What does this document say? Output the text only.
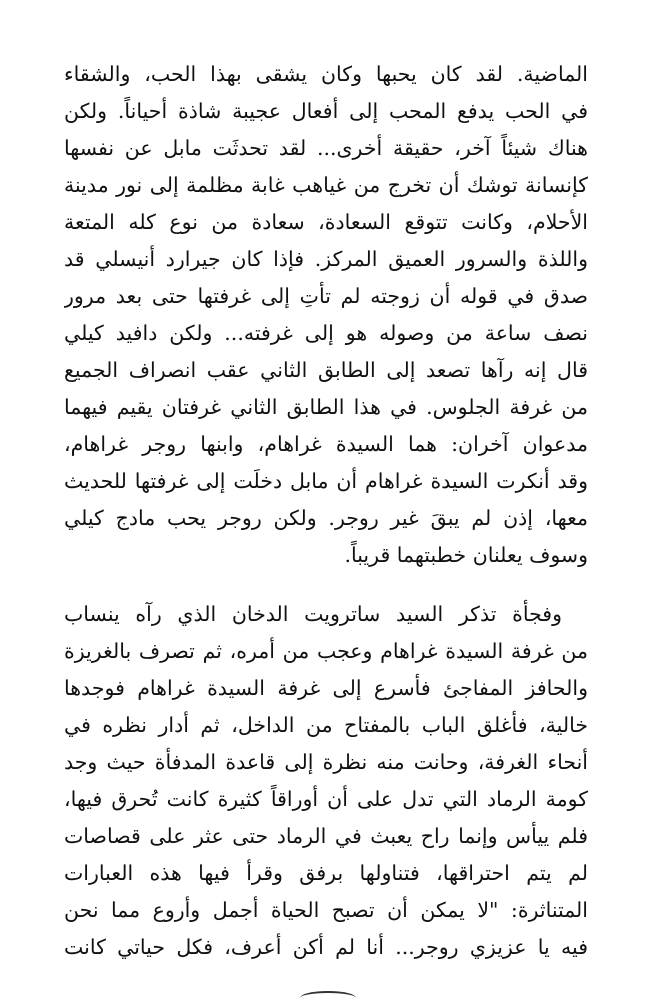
الماضية. لقد كان يحبها وكان يشقى بهذا الحب، والشقاء
في الحب يدفع المحب إلى أفعال عجيبة شاذة أحياناً. ولكن
هناك شيئاً آخر، حقيقة أخرى... لقد تحدثَت مابل عن نفسها
كإنسانة توشك أن تخرج من غياهب غابة مظلمة إلى نور مدينة
الأحلام، وكانت تتوقع السعادة، سعادة من نوع كله المتعة
واللذة والسرور العميق المركز. فإذا كان جيرارد أنيسلي قد
صدق في قوله أن زوجته لم تأتِ إلى غرفتها حتى بعد مرور
نصف ساعة من وصوله هو إلى غرفته... ولكن دافيد كيلي
قال إنه رآها تصعد إلى الطابق الثاني عقب انصراف الجميع
من غرفة الجلوس. في هذا الطابق الثاني غرفتان يقيم فيهما
مدعوان آخران: هما السيدة غراهام، وابنها روجر غراهام،
وقد أنكرت السيدة غراهام أن مابل دخلَت إلى غرفتها للحديث
معها، إذن لم يبقَ غير روجر. ولكن روجر يحب مادج كيلي
وسوف يعلنان خطبتهما قريباً.
وفجأة تذكر السيد ساترويت الدخان الذي رآه ينساب
من غرفة السيدة غراهام وعجب من أمره، ثم تصرف بالغريزة
والحافز المفاجئ فأسرع إلى غرفة السيدة غراهام فوجدها
خالية، فأغلق الباب بالمفتاح من الداخل، ثم أدار نظره في
أنحاء الغرفة، وحانت منه نظرة إلى قاعدة المدفأة حيث وجد
كومة الرماد التي تدل على أن أوراقاً كثيرة كانت تُحرق فيها،
فلم ييأس وإنما راح يعبث في الرماد حتى عثر على قصاصات
لم يتم احتراقها، فتناولها برفق وقرأ فيها هذه العبارات
المتناثرة: "لا يمكن أن تصبح الحياة أجمل وأروع مما نحن
فيه يا عزيزي روجر... أنا لم أكن أعرف، فكل حياتي كانت
